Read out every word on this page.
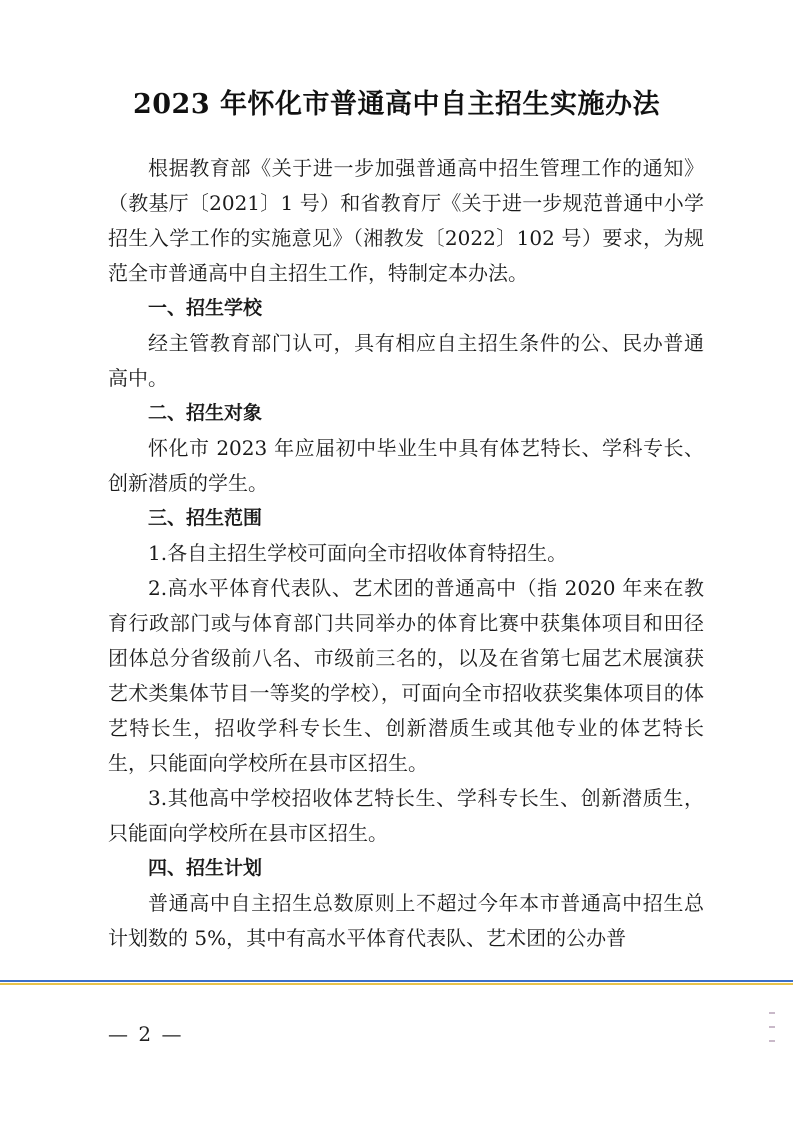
2023 年怀化市普通高中自主招生实施办法

根据教育部《关于进一步加强普通高中招生管理工作的通知》（教基厅〔2021〕1 号）和省教育厅《关于进一步规范普通中小学招生入学工作的实施意见》（湘教发〔2022〕102 号）要求，为规范全市普通高中自主招生工作，特制定本办法。

一、招生学校

经主管教育部门认可，具有相应自主招生条件的公、民办普通高中。

二、招生对象

怀化市 2023 年应届初中毕业生中具有体艺特长、学科专长、创新潜质的学生。

三、招生范围

1.各自主招生学校可面向全市招收体育特招生。

2.高水平体育代表队、艺术团的普通高中（指 2020 年来在教育行政部门或与体育部门共同举办的体育比赛中获集体项目和田径团体总分省级前八名、市级前三名的，以及在省第七届艺术展演获艺术类集体节目一等奖的学校），可面向全市招收获奖集体项目的体艺特长生，招收学科专长生、创新潜质生或其他专业的体艺特长生，只能面向学校所在县市区招生。

3.其他高中学校招收体艺特长生、学科专长生、创新潜质生，只能面向学校所在县市区招生。

四、招生计划

普通高中自主招生总数原则上不超过今年本市普通高中招生总计划数的 5%，其中有高水平体育代表队、艺术团的公办普

— 2 —
